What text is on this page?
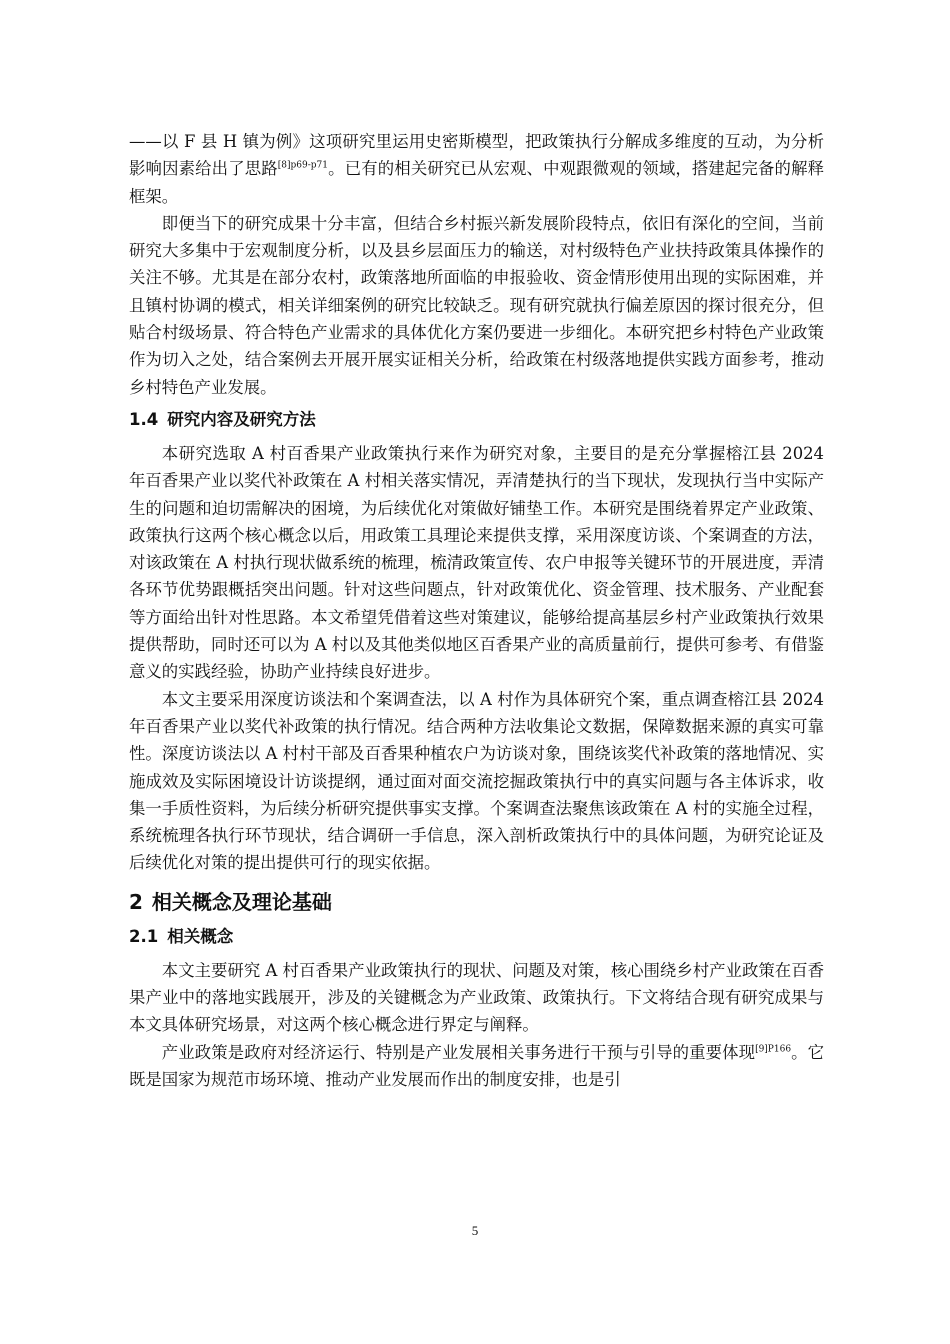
——以 F 县 H 镇为例》这项研究里运用史密斯模型，把政策执行分解成多维度的互动，为分析影响因素给出了思路$^{[8]p69-p71}$。已有的相关研究已从宏观、中观跟微观的领域，搭建起完备的解释框架。

即便当下的研究成果十分丰富，但结合乡村振兴新发展阶段特点，依旧有深化的空间，当前研究大多集中于宏观制度分析，以及县乡层面压力的输送，对村级特色产业扶持政策具体操作的关注不够。尤其是在部分农村，政策落地所面临的申报验收、资金情形使用出现的实际困难，并且镇村协调的模式，相关详细案例的研究比较缺乏。现有研究就执行偏差原因的探讨很充分，但贴合村级场景、符合特色产业需求的具体优化方案仍要进一步细化。本研究把乡村特色产业政策作为切入之处，结合案例去开展开展实证相关分析，给政策在村级落地提供实践方面参考，推动乡村特色产业发展。

1.4 研究内容及研究方法

本研究选取 A 村百香果产业政策执行来作为研究对象，主要目的是充分掌握榕江县 2024 年百香果产业以奖代补政策在 A 村相关落实情况，弄清楚执行的当下现状，发现执行当中实际产生的问题和迫切需解决的困境，为后续优化对策做好铺垫工作。本研究是围绕着界定产业政策、政策执行这两个核心概念以后，用政策工具理论来提供支撑，采用深度访谈、个案调查的方法，对该政策在 A 村执行现状做系统的梳理，梳清政策宣传、农户申报等关键环节的开展进度，弄清各环节优势跟概括突出问题。针对这些问题点，针对政策优化、资金管理、技术服务、产业配套等方面给出针对性思路。本文希望凭借着这些对策建议，能够给提高基层乡村产业政策执行效果提供帮助，同时还可以为 A 村以及其他类似地区百香果产业的高质量前行，提供可参考、有借鉴意义的实践经验，协助产业持续良好进步。

本文主要采用深度访谈法和个案调查法，以 A 村作为具体研究个案，重点调查榕江县 2024 年百香果产业以奖代补政策的执行情况。结合两种方法收集论文数据，保障数据来源的真实可靠性。深度访谈法以 A 村村干部及百香果种植农户为访谈对象，围绕该奖代补政策的落地情况、实施成效及实际困境设计访谈提纲，通过面对面交流挖掘政策执行中的真实问题与各主体诉求，收集一手质性资料，为后续分析研究提供事实支撑。个案调查法聚焦该政策在 A 村的实施全过程，系统梳理各执行环节现状，结合调研一手信息，深入剖析政策执行中的具体问题，为研究论证及后续优化对策的提出提供可行的现实依据。

2 相关概念及理论基础
2.1 相关概念

本文主要研究 A 村百香果产业政策执行的现状、问题及对策，核心围绕乡村产业政策在百香果产业中的落地实践展开，涉及的关键概念为产业政策、政策执行。下文将结合现有研究成果与本文具体研究场景，对这两个核心概念进行界定与阐释。

产业政策是政府对经济运行、特别是产业发展相关事务进行干预与引导的重要体现$^{[9]P166}$。它既是国家为规范市场环境、推动产业发展而作出的制度安排，也是引

5
